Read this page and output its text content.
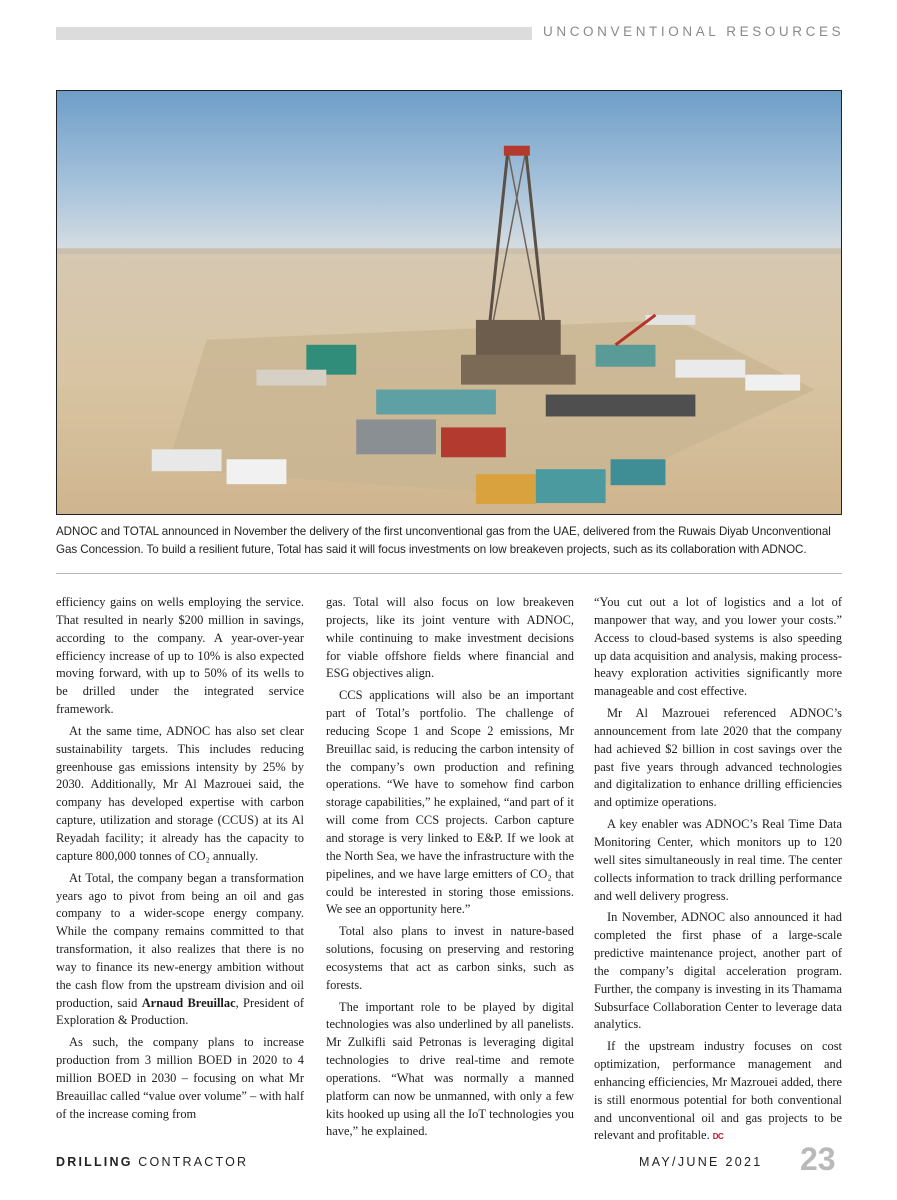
UNCONVENTIONAL RESOURCES
ADNOC and TOTAL announced in November the delivery of the first unconventional gas from the UAE, delivered from the Ruwais Diyab Unconventional
Gas Concession. To build a resilient future, Total has said it will focus investments on low breakeven projects, such as its collaboration with ADNOC.

efficiency gains on wells employing the service. That resulted in nearly $200 million in savings, according to the company. A year-over-year efficiency increase of up to 10% is also expected moving forward, with up to 50% of its wells to be drilled under the integrated service framework.

At the same time, ADNOC has also set clear sustainability targets. This includes reducing greenhouse gas emissions intensity by 25% by 2030. Additionally, Mr Al Mazrouei said, the company has developed expertise with carbon capture, utilization and storage (CCUS) at its Al Reyadah facility; it already has the capacity to capture 800,000 tonnes of CO₂ annually.

At Total, the company began a transformation years ago to pivot from being an oil and gas company to a wider-scope energy company. While the company remains committed to that transformation, it also realizes that there is no way to finance its new-energy ambition without the cash flow from the upstream division and oil production, said Arnaud Breuillac, President of Exploration & Production.

As such, the company plans to increase production from 3 million BOED in 2020 to 4 million BOED in 2030 – focusing on what Mr Breauillac called “value over volume” – with half of the increase coming from

gas. Total will also focus on low breakeven projects, like its joint venture with ADNOC, while continuing to make investment decisions for viable offshore fields where financial and ESG objectives align.

CCS applications will also be an important part of Total’s portfolio. The challenge of reducing Scope 1 and Scope 2 emissions, Mr Breuillac said, is reducing the carbon intensity of the company’s own production and refining operations. “We have to somehow find carbon storage capabilities,” he explained, “and part of it will come from CCS projects. Carbon capture and storage is very linked to E&P. If we look at the North Sea, we have the infrastructure with the pipelines, and we have large emitters of CO₂ that could be interested in storing those emissions. We see an opportunity here.”

Total also plans to invest in nature-based solutions, focusing on preserving and restoring ecosystems that act as carbon sinks, such as forests.

The important role to be played by digital technologies was also underlined by all panelists. Mr Zulkifli said Petronas is leveraging digital technologies to drive real-time and remote operations. “What was normally a manned platform can now be unmanned, with only a few kits hooked up using all the IoT technologies you have,” he explained.

“You cut out a lot of logistics and a lot of manpower that way, and you lower your costs.” Access to cloud-based systems is also speeding up data acquisition and analysis, making process-heavy exploration activities significantly more manageable and cost effective.

Mr Al Mazrouei referenced ADNOC’s announcement from late 2020 that the company had achieved $2 billion in cost savings over the past five years through advanced technologies and digitalization to enhance drilling efficiencies and optimize operations.

A key enabler was ADNOC’s Real Time Data Monitoring Center, which monitors up to 120 well sites simultaneously in real time. The center collects information to track drilling performance and well delivery progress.

In November, ADNOC also announced it had completed the first phase of a large-scale predictive maintenance project, another part of the company’s digital acceleration program. Further, the company is investing in its Thamama Subsurface Collaboration Center to leverage data analytics.

If the upstream industry focuses on cost optimization, performance management and enhancing efficiencies, Mr Mazrouei added, there is still enormous potential for both conventional and unconventional oil and gas projects to be relevant and profitable. DC

DRILLING CONTRACTOR	MAY/JUNE 2021 23
